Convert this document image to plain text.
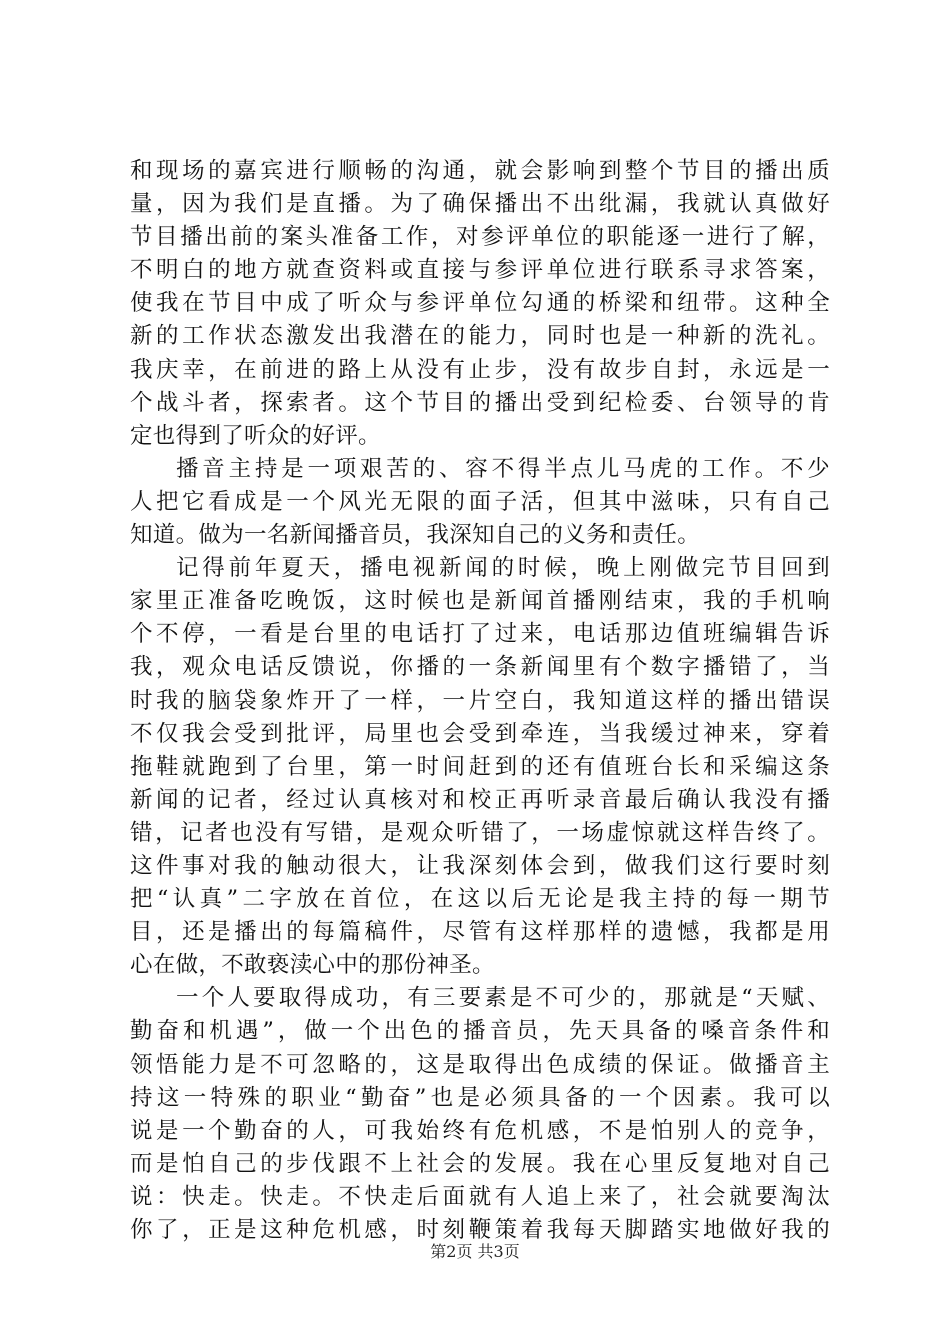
和现场的嘉宾进行顺畅的沟通，就会影响到整个节目的播出质
量，因为我们是直播。为了确保播出不出纰漏，我就认真做好
节目播出前的案头准备工作，对参评单位的职能逐一进行了解，
不明白的地方就查资料或直接与参评单位进行联系寻求答案，
使我在节目中成了听众与参评单位勾通的桥梁和纽带。这种全
新的工作状态激发出我潜在的能力，同时也是一种新的洗礼。
我庆幸，在前进的路上从没有止步，没有故步自封，永远是一
个战斗者，探索者。这个节目的播出受到纪检委、台领导的肯
定也得到了听众的好评。
播音主持是一项艰苦的、容不得半点儿马虎的工作。不少
人把它看成是一个风光无限的面子活，但其中滋味，只有自己
知道。做为一名新闻播音员，我深知自己的义务和责任。
记得前年夏天，播电视新闻的时候，晚上刚做完节目回到
家里正准备吃晚饭，这时候也是新闻首播刚结束，我的手机响
个不停，一看是台里的电话打了过来，电话那边值班编辑告诉
我，观众电话反馈说，你播的一条新闻里有个数字播错了，当
时我的脑袋象炸开了一样，一片空白，我知道这样的播出错误
不仅我会受到批评，局里也会受到牵连，当我缓过神来，穿着
拖鞋就跑到了台里，第一时间赶到的还有值班台长和采编这条
新闻的记者，经过认真核对和校正再听录音最后确认我没有播
错，记者也没有写错，是观众听错了，一场虚惊就这样告终了。
这件事对我的触动很大，让我深刻体会到，做我们这行要时刻
把“认真”二字放在首位，在这以后无论是我主持的每一期节
目，还是播出的每篇稿件，尽管有这样那样的遗憾，我都是用
心在做，不敢亵渎心中的那份神圣。
一个人要取得成功，有三要素是不可少的，那就是“天赋、
勤奋和机遇”，做一个出色的播音员，先天具备的嗓音条件和
领悟能力是不可忽略的，这是取得出色成绩的保证。做播音主
持这一特殊的职业“勤奋”也是必须具备的一个因素。我可以
说是一个勤奋的人，可我始终有危机感，不是怕别人的竞争，
而是怕自己的步伐跟不上社会的发展。我在心里反复地对自己
说：快走。快走。不快走后面就有人追上来了，社会就要淘汰
你了，正是这种危机感，时刻鞭策着我每天脚踏实地做好我的
第2页 共3页
